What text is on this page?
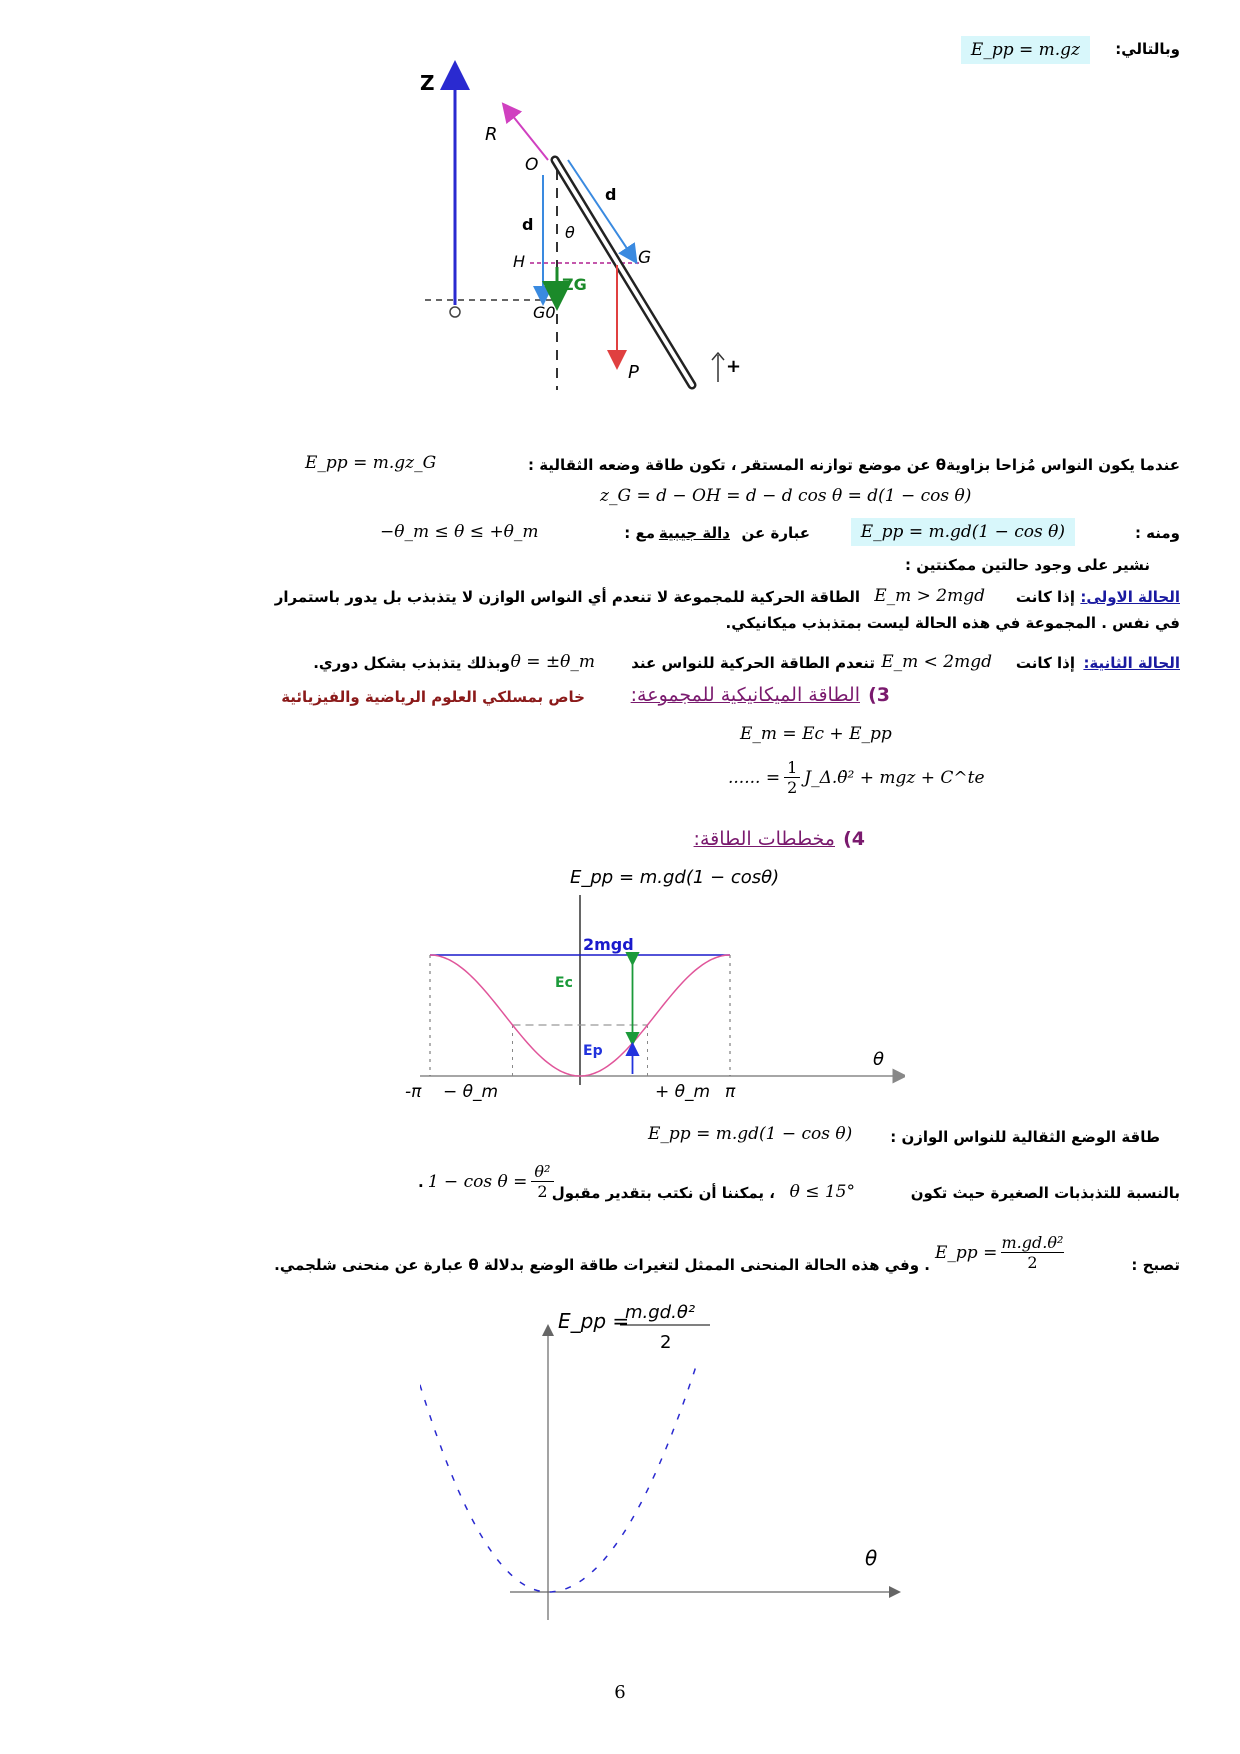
وبالتالي:
E_pp = m.gz
Z
R
O
d
d θ
H	G
ZG
G0
P	+
عندما يكون النواس مُزاحا بزاويةθ عن موضع توازنه المستقر ، تكون طاقة وضعه الثقالية :
E_pp = m.gz_G
z_G = d − OH = d − d cos θ = d(1 − cos θ)
ومنه :
E_pp = m.gd(1 − cos θ)
عبارة عن
دالة جيبية
مع :
−θ_m ≤ θ ≤ +θ_m
نشير على وجود حالتين ممكنتين :
الحالة الاولى:
إذا كانت
E_m > 2mgd
الطاقة الحركية للمجموعة لا تنعدم أي النواس الوازن لا يتذبذب بل يدور باستمرار
في نفس . المجموعة في هذه الحالة ليست بمتذبذب ميكانيكي.
الحالة الثانية:
إذا كانت
E_m < 2mgd
تنعدم الطاقة الحركية للنواس عند
θ = ±θ_m
وبذلك يتذبذب بشكل دوري.
3)
الطاقة الميكانيكية للمجموعة:
خاص بمسلكي العلوم الرياضية والفيزيائية
E_m = Ec + E_pp
...... = $\frac{1}{2}$ J_Δ.θ̇² + mgz + C^te
4)
مخططات الطاقة:
E_pp = m.gd(1 − cosθ)
2mgd
Ec
Ep
-π − θ_m	+ θ_m π
θ
طاقة الوضع الثقالية للنواس الوازن :
E_pp = m.gd(1 − cos θ)
بالنسبة للتذبذبات الصغيرة حيث تكون
θ ≤ 15°
، يمكننا أن نكتب بتقدير مقبول
. $1 - \cos \theta = \frac{\text{θ²}}{2}$
تصبح :
E_pp = $\frac{\text{m.gd.θ²}}{2}$
. وفي هذه الحالة المنحنى الممثل لتغيرات طاقة الوضع بدلالة θ عبارة عن منحنى شلجمي.
E_pp =
m.gd.θ²
2
θ
6
